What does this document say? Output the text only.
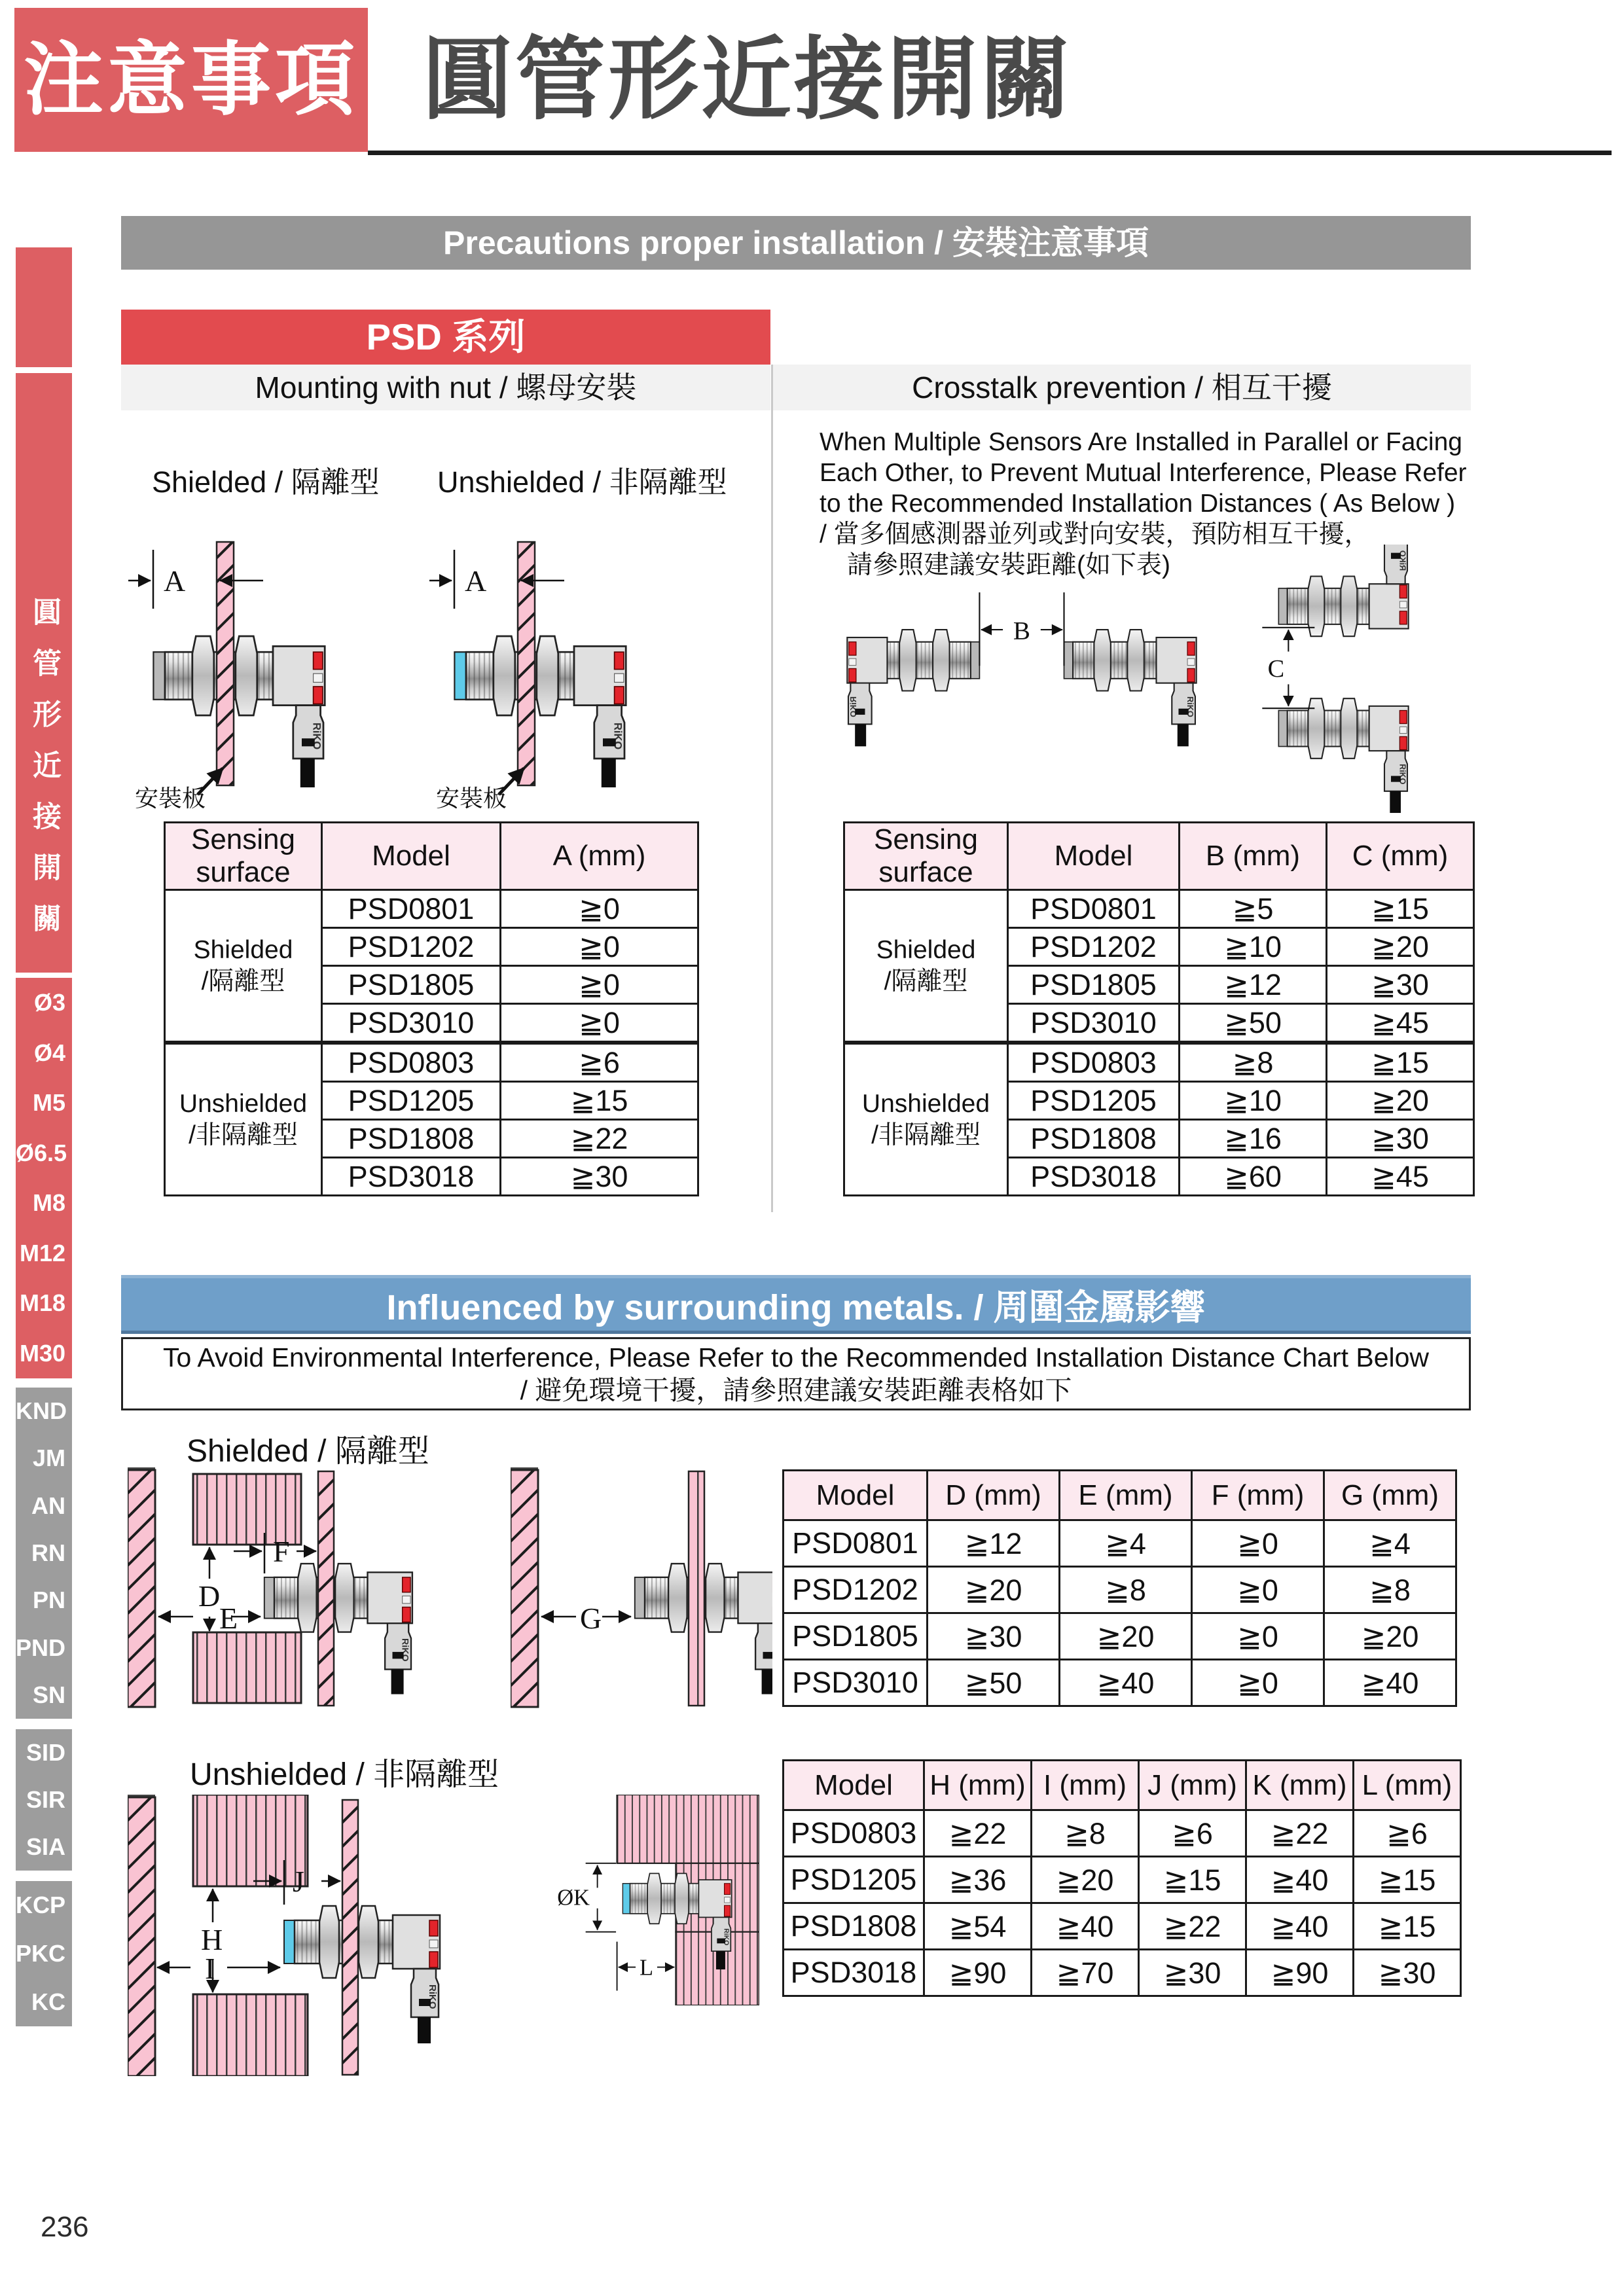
注意事項 圓管形近接開關
圓管形近接開關
Ø3
Ø4
M5
Ø6.5
M8
M12
M18
M30
KND
JM
AN
RN
PN
PND
SN
SID
SIR
SIA
KCP
PKC
KC
Precautions proper installation / 安裝注意事項
PSD 系列
Mounting with nut / 螺母安裝	Crosstalk prevention / 相互干擾
Shielded / 隔離型 Unshielded / 非隔離型
A
安裝板
A
安裝板
When Multiple Sensors Are Installed in Parallel or Facing
Each Other, to Prevent Mutual Interference, Please Refer
to the Recommended Installation Distances ( As Below )
/ 當多個感測器並列或對向安裝，預防相互干擾，
請參照建議安裝距離(如下表)
B
C
Sensing surface	Model	A (mm)

Shielded
/隔離型	PSD0801	≧0
	PSD1202	≧0
	PSD1805	≧0
	PSD3010	≧0

Unshielded
/非隔離型	PSD0803	≧6
	PSD1205	≧15
	PSD1808	≧22
	PSD3018	≧30
Sensing surface	Model	B (mm)	C (mm)

Shielded
/隔離型	PSD0801	≧5	≧15
	PSD1202	≧10	≧20
	PSD1805	≧12	≧30
	PSD3010	≧50	≧45

Unshielded
/非隔離型	PSD0803	≧8	≧15
	PSD1205	≧10	≧20
	PSD1808	≧16	≧30
	PSD3018	≧60	≧45
Influenced by surrounding metals. / 周圍金屬影響
To Avoid Environmental Interference, Please Refer to the Recommended Installation Distance Chart Below
/ 避免環境干擾，請參照建議安裝距離表格如下
Shielded / 隔離型
D
E
F
G
Model	D (mm)	E (mm)	F (mm)	G (mm)
PSD0801	≧12	≧4	≧0	≧4
PSD1202	≧20	≧8	≧0	≧8
PSD1805	≧30	≧20	≧0	≧20
PSD3010	≧50	≧40	≧0	≧40
Unshielded / 非隔離型
H
I
J	ØK
L
Model	H (mm)	I (mm)	J (mm)	K (mm)	L (mm)
PSD0803	≧22	≧8	≧6	≧22	≧6
PSD1205	≧36	≧20	≧15	≧40	≧15
PSD1808	≧54	≧40	≧22	≧40	≧15
PSD3018	≧90	≧70	≧30	≧90	≧30
236
